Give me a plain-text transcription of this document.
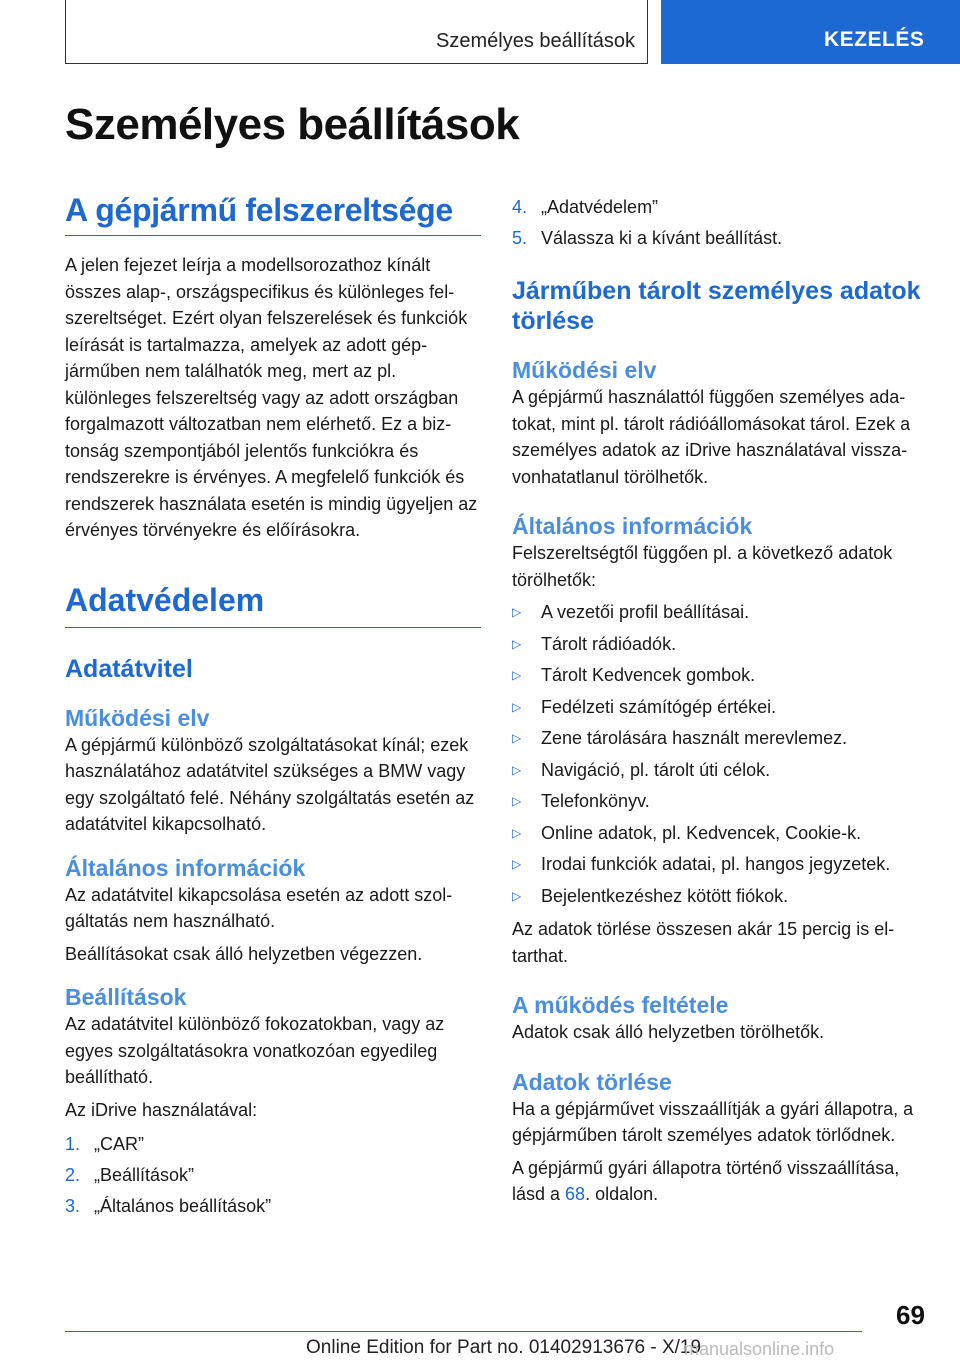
Személyes beállítások	KEZELÉS
Személyes beállítások
A gépjármű felszereltsége

A jelen fejezet leírja a modellsorozathoz kínált összes alap-, országspecifikus és különleges felszereltséget. Ezért olyan felszerelések és funkciók leírását is tartalmazza, amelyek az adott gépjárműben nem találhatók meg, mert az pl. különleges felszereltség vagy az adott országban forgalmazott változatban nem elérhető. Ez a biztonság szempontjából jelentős funkciókra és rendszerekre is érvényes. A megfelelő funkciók és rendszerek használata esetén is mindig ügyeljen az érvényes törvényekre és előírásokra.

Adatvédelem
Adatátvitel
Működési elv

A gépjármű különböző szolgáltatásokat kínál; ezek használatához adatátvitel szükséges a BMW vagy egy szolgáltató felé. Néhány szolgáltatás esetén az adatátvitel kikapcsolható.

Általános információk

Az adatátvitel kikapcsolása esetén az adott szolgáltatás nem használható.

Beállításokat csak álló helyzetben végezzen.

Beállítások

Az adatátvitel különböző fokozatokban, vagy az egyes szolgáltatásokra vonatkozóan egyedileg beállítható.

Az iDrive használatával:

1. „CAR”
2. „Beállítások”
3. „Általános beállítások”
4. „Adatvédelem”
5. Válassza ki a kívánt beállítást.
Járműben tárolt személyes adatok törlése
Működési elv

A gépjármű használattól függően személyes adatokat, mint pl. tárolt rádióállomásokat tárol. Ezek a személyes adatok az iDrive használatával visszavonhatatlanul törölhetők.

Általános információk

Felszereltségtől függően pl. a következő adatok törölhetők:

▷ A vezetői profil beállításai.
▷ Tárolt rádióadók.
▷ Tárolt Kedvencek gombok.
▷ Fedélzeti számítógép értékei.
▷ Zene tárolására használt merevlemez.
▷ Navigáció, pl. tárolt úti célok.
▷ Telefonkönyv.
▷ Online adatok, pl. Kedvencek, Cookie-k.
▷ Irodai funkciók adatai, pl. hangos jegyzetek.
▷ Bejelentkezéshez kötött fiókok.

Az adatok törlése összesen akár 15 percig is eltarthat.

A működés feltétele

Adatok csak álló helyzetben törölhetők.

Adatok törlése

Ha a gépjárművet visszaállítják a gyári állapotra, a gépjárműben tárolt személyes adatok törlődnek.

A gépjármű gyári állapotra történő visszaállítása, lásd a 68. oldalon.

69
Online Edition for Part no. 01402913676 - X/19
manualsonline.info
